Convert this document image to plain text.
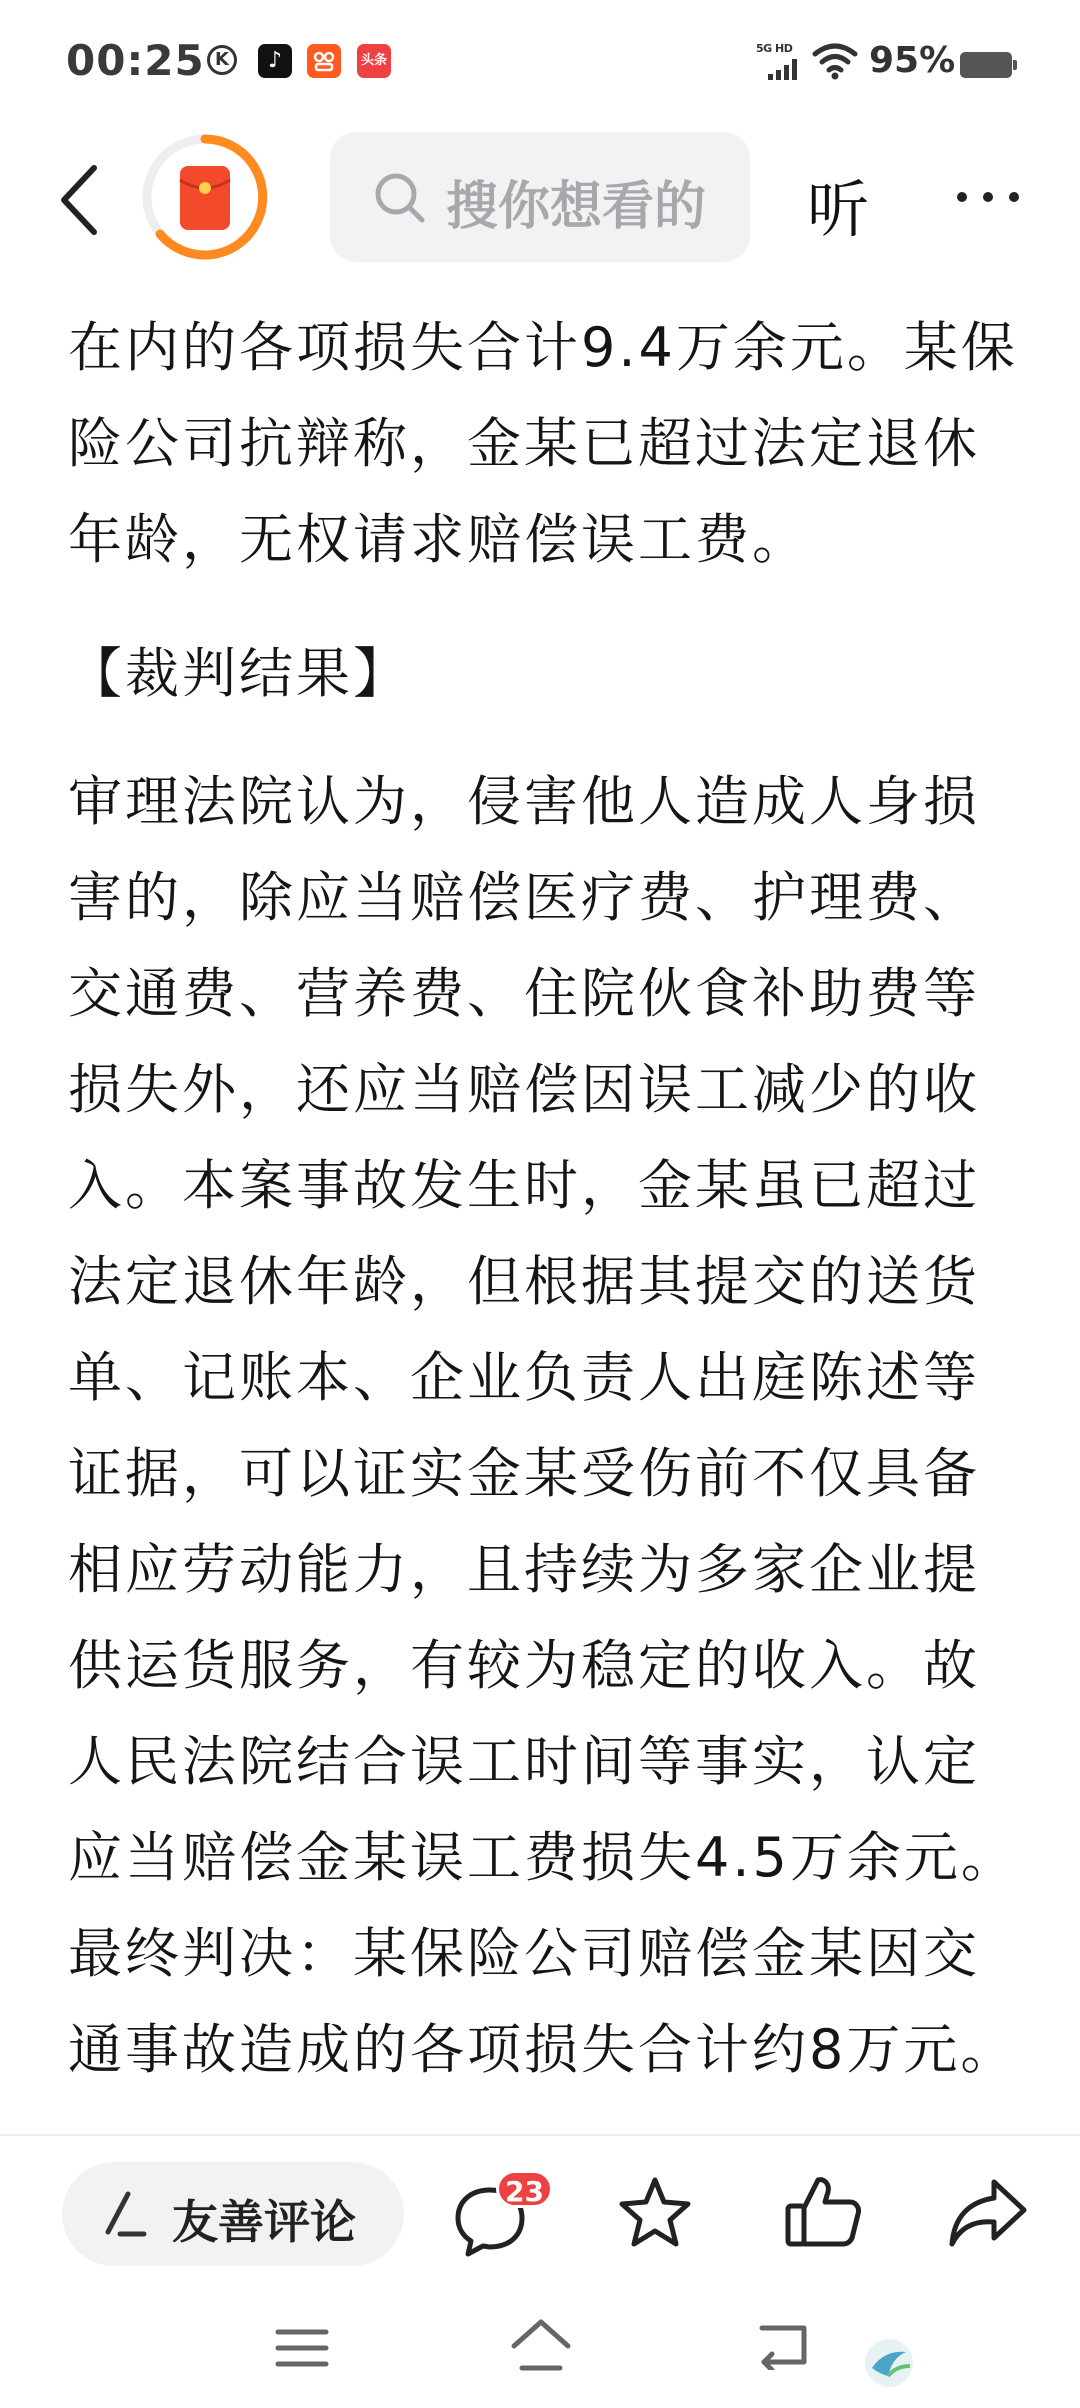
00:25 K	♪	头条
5G HD 95%
搜你想看的 听

在内的各项损失合计9.4万余元。某保险公司抗辩称，金某已超过法定退休年龄，无权请求赔偿误工费。

【裁判结果】

审理法院认为，侵害他人造成人身损害的，除应当赔偿医疗费、护理费、交通费、营养费、住院伙食补助费等损失外，还应当赔偿因误工减少的收入。本案事故发生时，金某虽已超过法定退休年龄，但根据其提交的送货单、记账本、企业负责人出庭陈述等证据，可以证实金某受伤前不仅具备相应劳动能力，且持续为多家企业提供运货服务，有较为稳定的收入。故人民法院结合误工时间等事实，认定应当赔偿金某误工费损失4.5万余元。最终判决：某保险公司赔偿金某因交通事故造成的各项损失合计约8万元。

友善评论
23
